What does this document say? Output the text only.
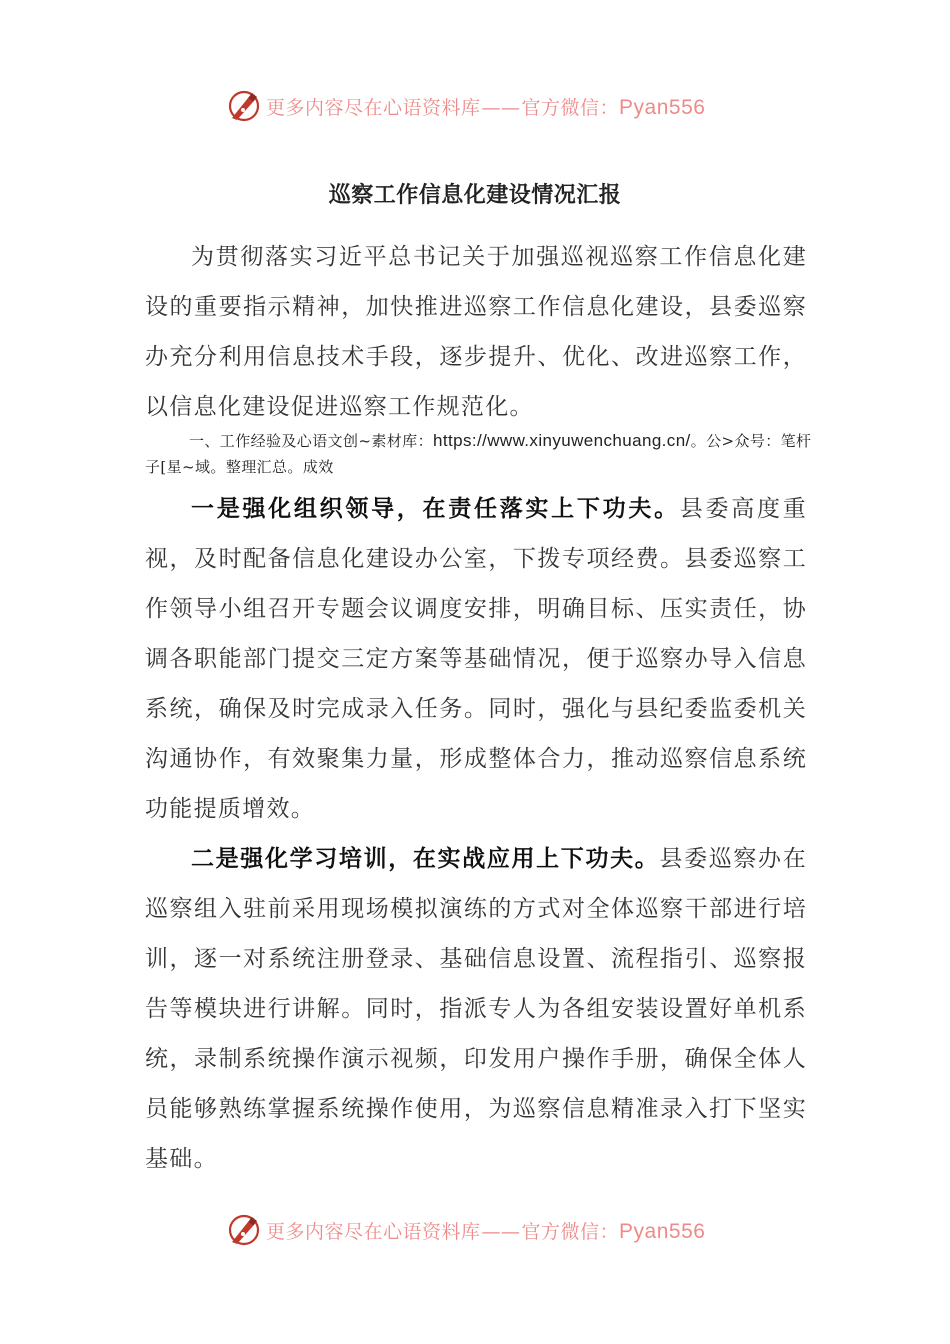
更多内容尽在心语资料库——官方微信：Pyan556
巡察工作信息化建设情况汇报
为贯彻落实习近平总书记关于加强巡视巡察工作信息化建设的重要指示精神，加快推进巡察工作信息化建设，县委巡察办充分利用信息技术手段，逐步提升、优化、改进巡察工作，以信息化建设促进巡察工作规范化。
一、工作经验及心语文创~素材库：https://www.xinyuwenchuang.cn/。公>众号：笔杆子[星~域。整理汇总。成效
一是强化组织领导，在责任落实上下功夫。县委高度重视，及时配备信息化建设办公室，下拨专项经费。县委巡察工作领导小组召开专题会议调度安排，明确目标、压实责任，协调各职能部门提交三定方案等基础情况，便于巡察办导入信息系统，确保及时完成录入任务。同时，强化与县纪委监委机关沟通协作，有效聚集力量，形成整体合力，推动巡察信息系统功能提质增效。
二是强化学习培训，在实战应用上下功夫。县委巡察办在巡察组入驻前采用现场模拟演练的方式对全体巡察干部进行培训，逐一对系统注册登录、基础信息设置、流程指引、巡察报告等模块进行讲解。同时，指派专人为各组安装设置好单机系统，录制系统操作演示视频，印发用户操作手册，确保全体人员能够熟练掌握系统操作使用，为巡察信息精准录入打下坚实基础。
更多内容尽在心语资料库——官方微信：Pyan556
